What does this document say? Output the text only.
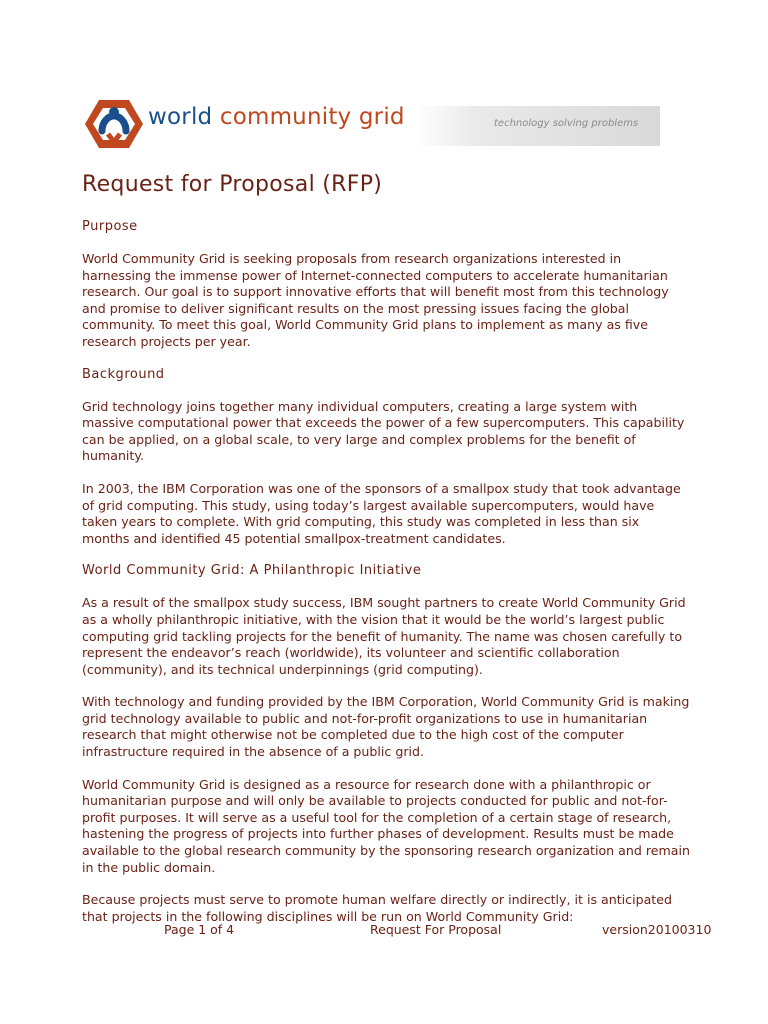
world community grid	technology solving problems
Request for Proposal (RFP)
Purpose

World Community Grid is seeking proposals from research organizations interested in harnessing the immense power of Internet-connected computers to accelerate humanitarian research. Our goal is to support innovative efforts that will benefit most from this technology and promise to deliver significant results on the most pressing issues facing the global community. To meet this goal, World Community Grid plans to implement as many as five research projects per year.

Background

Grid technology joins together many individual computers, creating a large system with massive computational power that exceeds the power of a few supercomputers. This capability can be applied, on a global scale, to very large and complex problems for the benefit of humanity.

In 2003, the IBM Corporation was one of the sponsors of a smallpox study that took advantage of grid computing. This study, using today’s largest available supercomputers, would have taken years to complete. With grid computing, this study was completed in less than six months and identified 45 potential smallpox-treatment candidates.

World Community Grid: A Philanthropic Initiative

As a result of the smallpox study success, IBM sought partners to create World Community Grid as a wholly philanthropic initiative, with the vision that it would be the world’s largest public computing grid tackling projects for the benefit of humanity. The name was chosen carefully to represent the endeavor’s reach (worldwide), its volunteer and scientific collaboration (community), and its technical underpinnings (grid computing).

With technology and funding provided by the IBM Corporation, World Community Grid is making grid technology available to public and not-for-profit organizations to use in humanitarian research that might otherwise not be completed due to the high cost of the computer infrastructure required in the absence of a public grid.

World Community Grid is designed as a resource for research done with a philanthropic or humanitarian purpose and will only be available to projects conducted for public and not-for-profit purposes. It will serve as a useful tool for the completion of a certain stage of research, hastening the progress of projects into further phases of development. Results must be made available to the global research community by the sponsoring research organization and remain in the public domain.

Because projects must serve to promote human welfare directly or indirectly, it is anticipated that projects in the following disciplines will be run on World Community Grid:

Page 1 of 4	Request For Proposal	version20100310
